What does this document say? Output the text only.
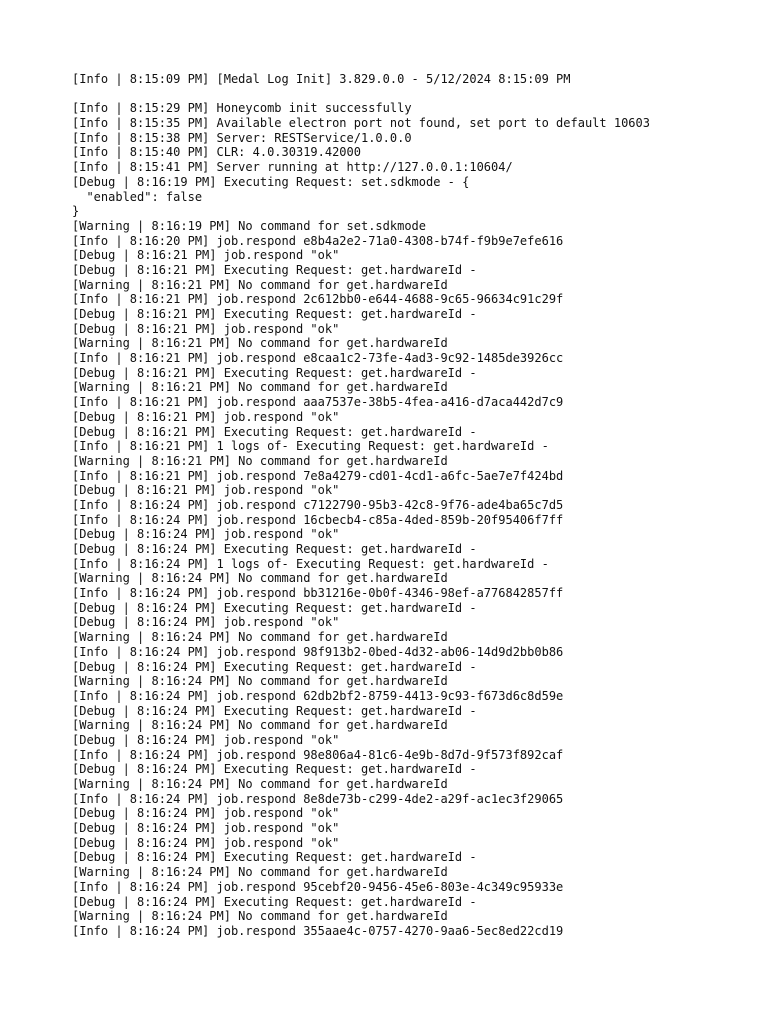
[Info | 8:15:09 PM] [Medal Log Init] 3.829.0.0 - 5/12/2024 8:15:09 PM
[Info | 8:15:29 PM] Honeycomb init successfully
[Info | 8:15:35 PM] Available electron port not found, set port to default 10603
[Info | 8:15:38 PM] Server: RESTService/1.0.0.0
[Info | 8:15:40 PM] CLR: 4.0.30319.42000
[Info | 8:15:41 PM] Server running at http://127.0.0.1:10604/
[Debug | 8:16:19 PM] Executing Request: set.sdkmode - {
"enabled": false
}
[Warning | 8:16:19 PM] No command for set.sdkmode
[Info | 8:16:20 PM] job.respond e8b4a2e2-71a0-4308-b74f-f9b9e7efe616
[Debug | 8:16:21 PM] job.respond "ok"
[Debug | 8:16:21 PM] Executing Request: get.hardwareId -
[Warning | 8:16:21 PM] No command for get.hardwareId
[Info | 8:16:21 PM] job.respond 2c612bb0-e644-4688-9c65-96634c91c29f
[Debug | 8:16:21 PM] Executing Request: get.hardwareId -
[Debug | 8:16:21 PM] job.respond "ok"
[Warning | 8:16:21 PM] No command for get.hardwareId
[Info | 8:16:21 PM] job.respond e8caa1c2-73fe-4ad3-9c92-1485de3926cc
[Debug | 8:16:21 PM] Executing Request: get.hardwareId -
[Warning | 8:16:21 PM] No command for get.hardwareId
[Info | 8:16:21 PM] job.respond aaa7537e-38b5-4fea-a416-d7aca442d7c9
[Debug | 8:16:21 PM] job.respond "ok"
[Debug | 8:16:21 PM] Executing Request: get.hardwareId -
[Info | 8:16:21 PM] 1 logs of- Executing Request: get.hardwareId -
[Warning | 8:16:21 PM] No command for get.hardwareId
[Info | 8:16:21 PM] job.respond 7e8a4279-cd01-4cd1-a6fc-5ae7e7f424bd
[Debug | 8:16:21 PM] job.respond "ok"
[Info | 8:16:24 PM] job.respond c7122790-95b3-42c8-9f76-ade4ba65c7d5
[Info | 8:16:24 PM] job.respond 16cbecb4-c85a-4ded-859b-20f95406f7ff
[Debug | 8:16:24 PM] job.respond "ok"
[Debug | 8:16:24 PM] Executing Request: get.hardwareId -
[Info | 8:16:24 PM] 1 logs of- Executing Request: get.hardwareId -
[Warning | 8:16:24 PM] No command for get.hardwareId
[Info | 8:16:24 PM] job.respond bb31216e-0b0f-4346-98ef-a776842857ff
[Debug | 8:16:24 PM] Executing Request: get.hardwareId -
[Debug | 8:16:24 PM] job.respond "ok"
[Warning | 8:16:24 PM] No command for get.hardwareId
[Info | 8:16:24 PM] job.respond 98f913b2-0bed-4d32-ab06-14d9d2bb0b86
[Debug | 8:16:24 PM] Executing Request: get.hardwareId -
[Warning | 8:16:24 PM] No command for get.hardwareId
[Info | 8:16:24 PM] job.respond 62db2bf2-8759-4413-9c93-f673d6c8d59e
[Debug | 8:16:24 PM] Executing Request: get.hardwareId -
[Warning | 8:16:24 PM] No command for get.hardwareId
[Debug | 8:16:24 PM] job.respond "ok"
[Info | 8:16:24 PM] job.respond 98e806a4-81c6-4e9b-8d7d-9f573f892caf
[Debug | 8:16:24 PM] Executing Request: get.hardwareId -
[Warning | 8:16:24 PM] No command for get.hardwareId
[Info | 8:16:24 PM] job.respond 8e8de73b-c299-4de2-a29f-ac1ec3f29065
[Debug | 8:16:24 PM] job.respond "ok"
[Debug | 8:16:24 PM] job.respond "ok"
[Debug | 8:16:24 PM] job.respond "ok"
[Debug | 8:16:24 PM] Executing Request: get.hardwareId -
[Warning | 8:16:24 PM] No command for get.hardwareId
[Info | 8:16:24 PM] job.respond 95cebf20-9456-45e6-803e-4c349c95933e
[Debug | 8:16:24 PM] Executing Request: get.hardwareId -
[Warning | 8:16:24 PM] No command for get.hardwareId
[Info | 8:16:24 PM] job.respond 355aae4c-0757-4270-9aa6-5ec8ed22cd19
